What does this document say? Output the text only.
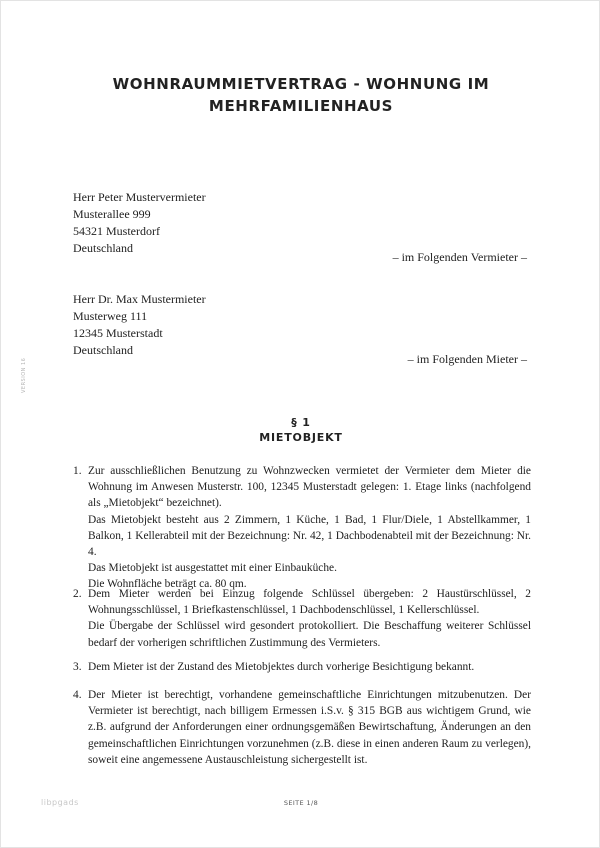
WOHNRAUMMIETVERTRAG - WOHNUNG IM
MEHRFAMILIENHAUS
Herr Peter Mustervermieter
Musterallee 999
54321 Musterdorf
Deutschland
– im Folgenden Vermieter –
Herr Dr. Max Mustermieter
Musterweg 111
12345 Musterstadt
Deutschland
– im Folgenden Mieter –
VERSION 16
§ 1
MIETOBJEKT
1. Zur ausschließlichen Benutzung zu Wohnzwecken vermietet der Vermieter dem Mieter die Wohnung im Anwesen Musterstr. 100, 12345 Musterstadt gelegen: 1. Etage links (nachfolgend als „Mietobjekt“ bezeichnet).
Das Mietobjekt besteht aus 2 Zimmern, 1 Küche, 1 Bad, 1 Flur/Diele, 1 Abstellkammer, 1 Balkon, 1 Kellerabteil mit der Bezeichnung: Nr. 42, 1 Dachbodenabteil mit der Bezeichnung: Nr. 4.
Das Mietobjekt ist ausgestattet mit einer Einbauküche.
Die Wohnfläche beträgt ca. 80 qm.
2. Dem Mieter werden bei Einzug folgende Schlüssel übergeben: 2 Haustürschlüssel, 2 Wohnungsschlüssel, 1 Briefkastenschlüssel, 1 Dachbodenschlüssel, 1 Kellerschlüssel.
Die Übergabe der Schlüssel wird gesondert protokolliert. Die Beschaffung weiterer Schlüssel bedarf der vorherigen schriftlichen Zustimmung des Vermieters.
3. Dem Mieter ist der Zustand des Mietobjektes durch vorherige Besichtigung bekannt.
4. Der Mieter ist berechtigt, vorhandene gemeinschaftliche Einrichtungen mitzubenutzen. Der Vermieter ist berechtigt, nach billigem Ermessen i.S.v. § 315 BGB aus wichtigem Grund, wie z.B. aufgrund der Anforderungen einer ordnungsgemäßen Bewirtschaftung, Änderungen an den gemeinschaftlichen Einrichtungen vorzunehmen (z.B. diese in einen anderen Raum zu verlegen), soweit eine angemessene Austauschleistung sichergestellt ist.
libpgads	SEITE 1/8
